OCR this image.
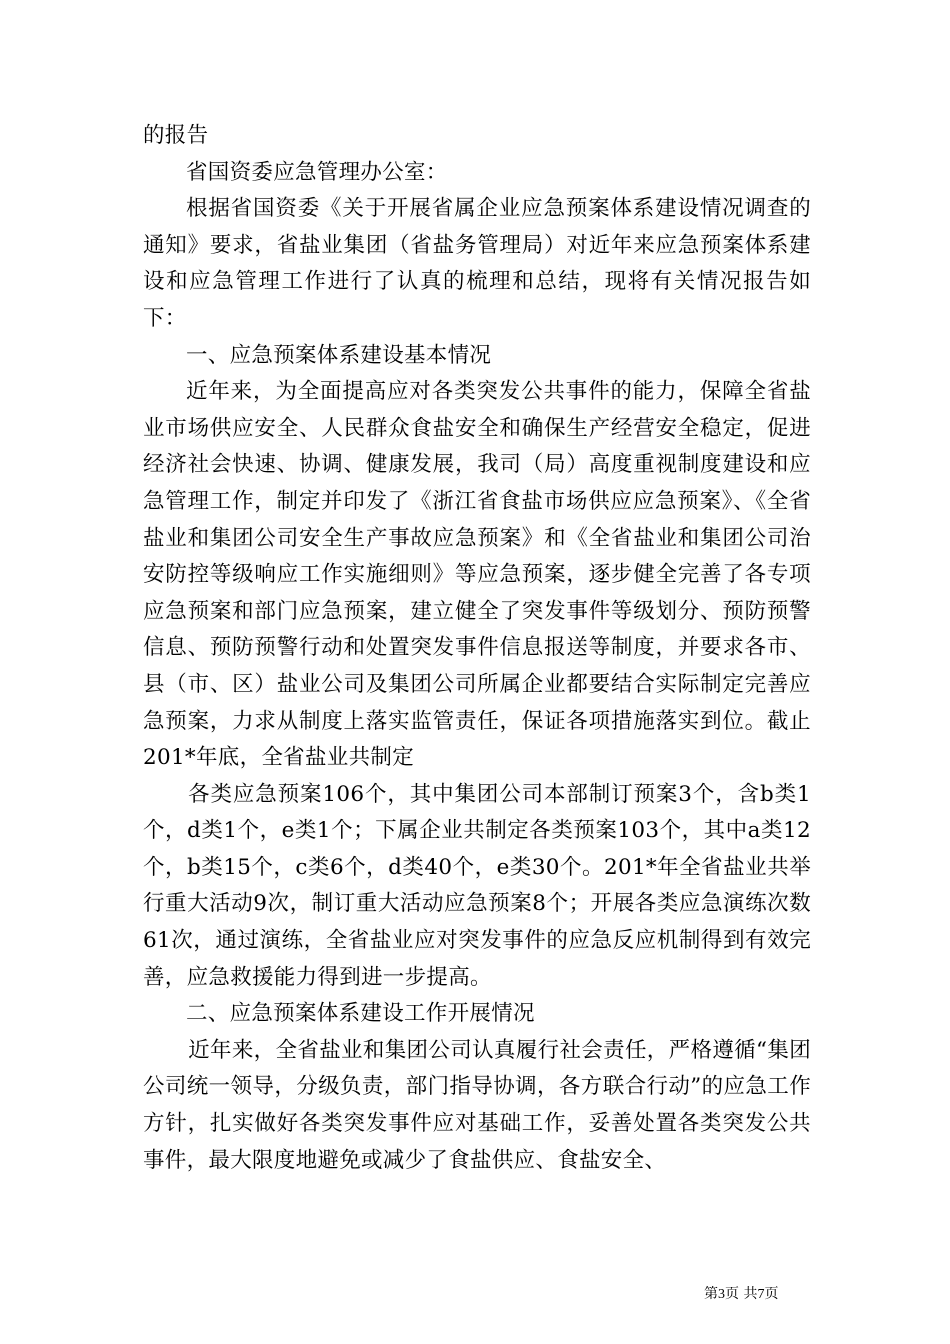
的报告

省国资委应急管理办公室：

根据省国资委《关于开展省属企业应急预案体系建设情况调查的通知》要求，省盐业集团（省盐务管理局）对近年来应急预案体系建设和应急管理工作进行了认真的梳理和总结，现将有关情况报告如下：

一、应急预案体系建设基本情况

近年来，为全面提高应对各类突发公共事件的能力，保障全省盐业市场供应安全、人民群众食盐安全和确保生产经营安全稳定，促进经济社会快速、协调、健康发展，我司（局）高度重视制度建设和应急管理工作，制定并印发了《浙江省食盐市场供应应急预案》、《全省盐业和集团公司安全生产事故应急预案》和《全省盐业和集团公司治安防控等级响应工作实施细则》等应急预案，逐步健全完善了各专项应急预案和部门应急预案，建立健全了突发事件等级划分、预防预警信息、预防预警行动和处置突发事件信息报送等制度，并要求各市、县（市、区）盐业公司及集团公司所属企业都要结合实际制定完善应急预案，力求从制度上落实监管责任，保证各项措施落实到位。截止201*年底，全省盐业共制定

各类应急预案106个，其中集团公司本部制订预案3个，含b类1个，d类1个，e类1个；下属企业共制定各类预案103个，其中a类12个，b类15个，c类6个，d类40个，e类30个。201*年全省盐业共举行重大活动9次，制订重大活动应急预案8个；开展各类应急演练次数61次，通过演练，全省盐业应对突发事件的应急反应机制得到有效完善，应急救援能力得到进一步提高。

二、应急预案体系建设工作开展情况

近年来，全省盐业和集团公司认真履行社会责任，严格遵循“集团公司统一领导，分级负责，部门指导协调，各方联合行动”的应急工作方针，扎实做好各类突发事件应对基础工作，妥善处置各类突发公共事件，最大限度地避免或减少了食盐供应、食盐安全、

第3页 共7页
